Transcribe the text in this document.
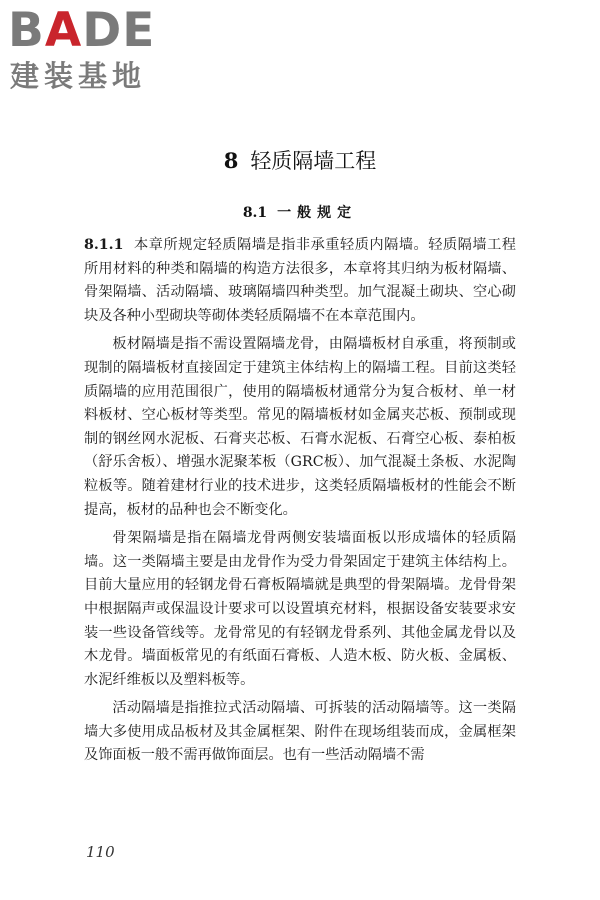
BADE
建装基地
8 轻质隔墙工程
8.1 一般规定

8.1.1 本章所规定轻质隔墙是指非承重轻质内隔墙。轻质隔墙工程所用材料的种类和隔墙的构造方法很多，本章将其归纳为板材隔墙、骨架隔墙、活动隔墙、玻璃隔墙四种类型。加气混凝土砌块、空心砌块及各种小型砌块等砌体类轻质隔墙不在本章范围内。

板材隔墙是指不需设置隔墙龙骨，由隔墙板材自承重，将预制或现制的隔墙板材直接固定于建筑主体结构上的隔墙工程。目前这类轻质隔墙的应用范围很广，使用的隔墙板材通常分为复合板材、单一材料板材、空心板材等类型。常见的隔墙板材如金属夹芯板、预制或现制的钢丝网水泥板、石膏夹芯板、石膏水泥板、石膏空心板、泰柏板（舒乐舍板）、增强水泥聚苯板（GRC板）、加气混凝土条板、水泥陶粒板等。随着建材行业的技术进步，这类轻质隔墙板材的性能会不断提高，板材的品种也会不断变化。

骨架隔墙是指在隔墙龙骨两侧安装墙面板以形成墙体的轻质隔墙。这一类隔墙主要是由龙骨作为受力骨架固定于建筑主体结构上。目前大量应用的轻钢龙骨石膏板隔墙就是典型的骨架隔墙。龙骨骨架中根据隔声或保温设计要求可以设置填充材料，根据设备安装要求安装一些设备管线等。龙骨常见的有轻钢龙骨系列、其他金属龙骨以及木龙骨。墙面板常见的有纸面石膏板、人造木板、防火板、金属板、水泥纤维板以及塑料板等。

活动隔墙是指推拉式活动隔墙、可拆装的活动隔墙等。这一类隔墙大多使用成品板材及其金属框架、附件在现场组装而成，金属框架及饰面板一般不需再做饰面层。也有一些活动隔墙不需

110
